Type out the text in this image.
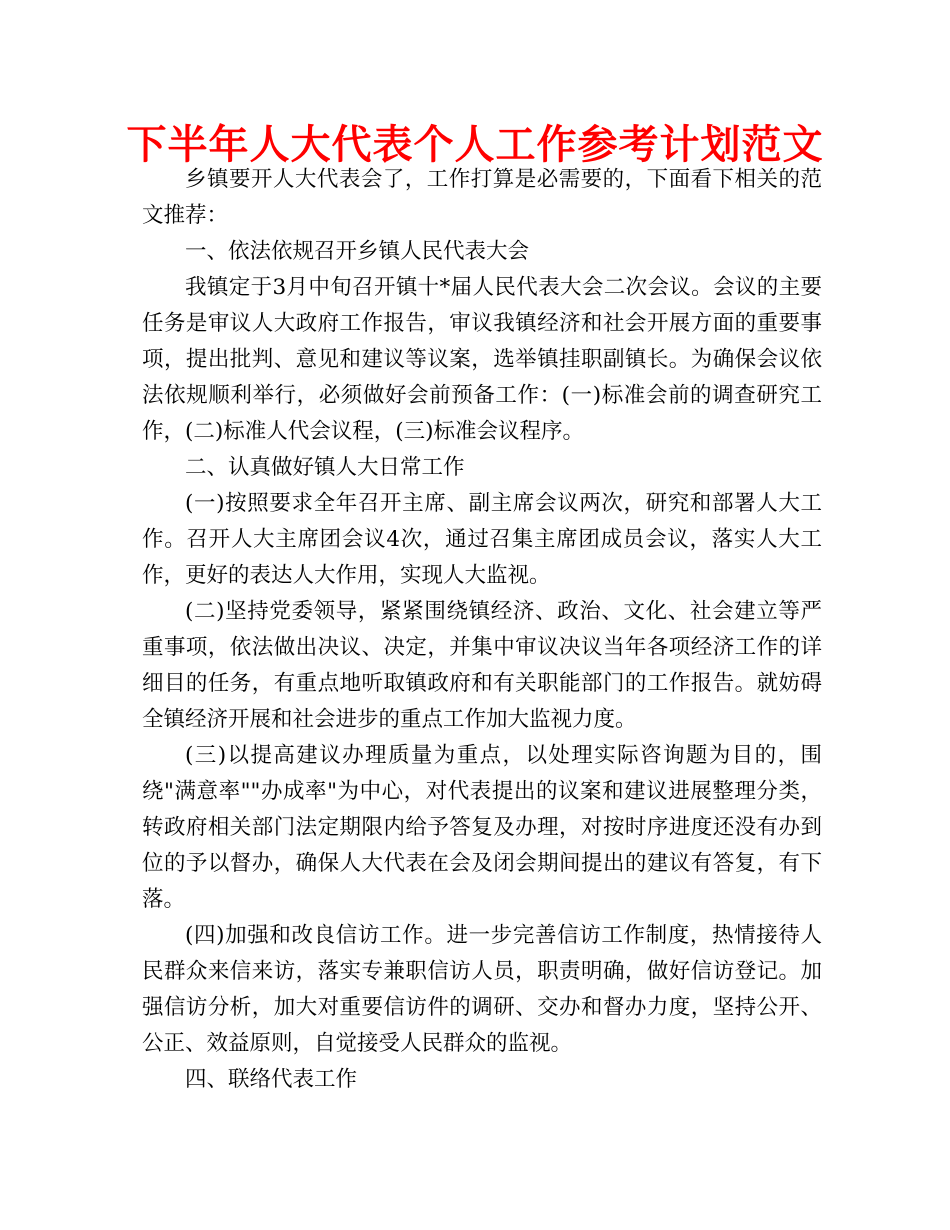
下半年人大代表个人工作参考计划范文

乡镇要开人大代表会了，工作打算是必需要的，下面看下相关的范文推荐：

一、依法依规召开乡镇人民代表大会

我镇定于3月中旬召开镇十*届人民代表大会二次会议。会议的主要任务是审议人大政府工作报告，审议我镇经济和社会开展方面的重要事项，提出批判、意见和建议等议案，选举镇挂职副镇长。为确保会议依法依规顺利举行，必须做好会前预备工作：(一)标准会前的调查研究工作，(二)标准人代会议程，(三)标准会议程序。

二、认真做好镇人大日常工作

(一)按照要求全年召开主席、副主席会议两次，研究和部署人大工作。召开人大主席团会议4次，通过召集主席团成员会议，落实人大工作，更好的表达人大作用，实现人大监视。

(二)坚持党委领导，紧紧围绕镇经济、政治、文化、社会建立等严重事项，依法做出决议、决定，并集中审议决议当年各项经济工作的详细目的任务，有重点地听取镇政府和有关职能部门的工作报告。就妨碍全镇经济开展和社会进步的重点工作加大监视力度。

(三)以提高建议办理质量为重点，以处理实际咨询题为目的，围绕"满意率""办成率"为中心，对代表提出的议案和建议进展整理分类，转政府相关部门法定期限内给予答复及办理，对按时序进度还没有办到位的予以督办，确保人大代表在会及闭会期间提出的建议有答复，有下落。

(四)加强和改良信访工作。进一步完善信访工作制度，热情接待人民群众来信来访，落实专兼职信访人员，职责明确，做好信访登记。加强信访分析，加大对重要信访件的调研、交办和督办力度，坚持公开、公正、效益原则，自觉接受人民群众的监视。

四、联络代表工作
